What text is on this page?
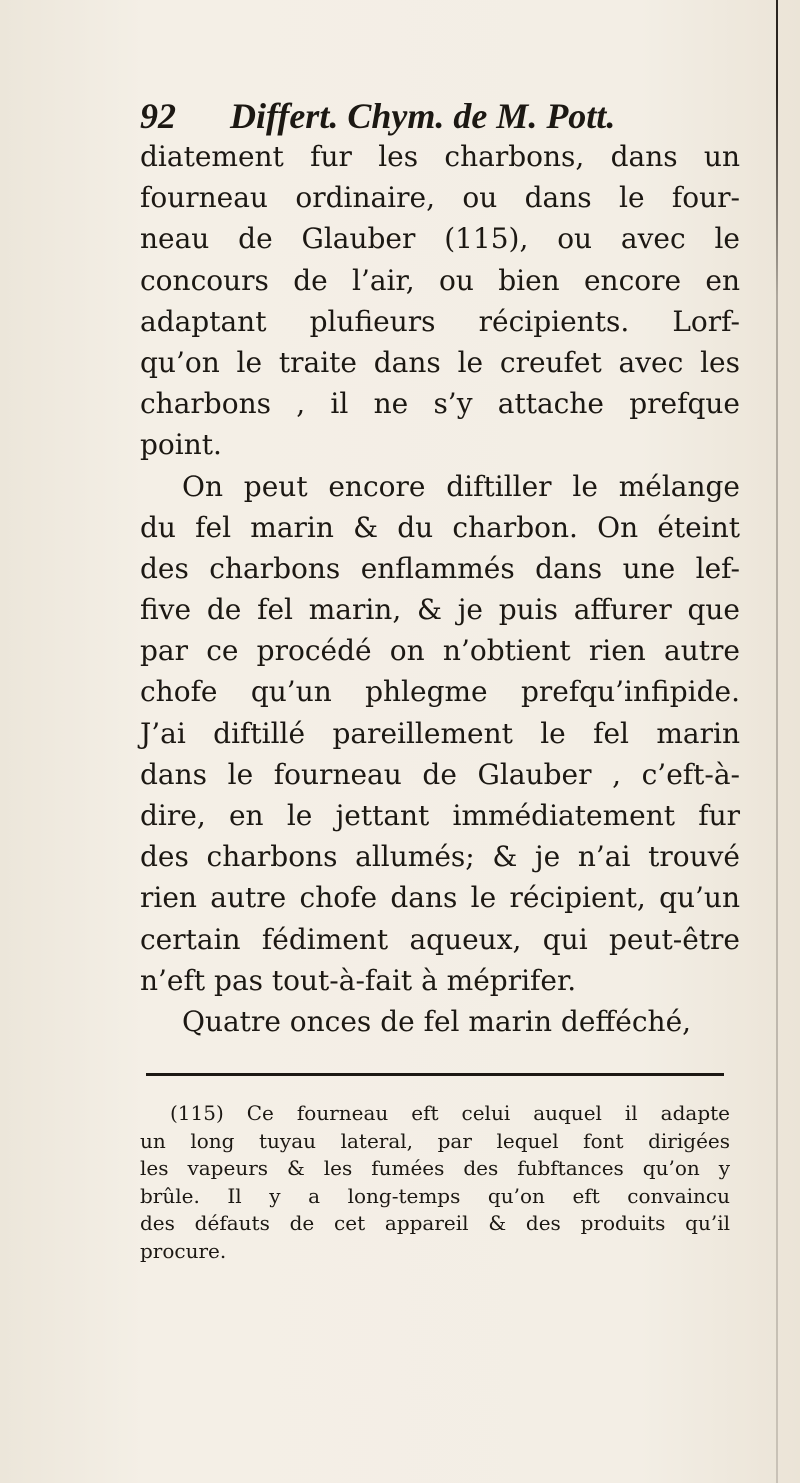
92 Differt. Chym. de M. Pott.
diatement fur les charbons, dans un
fourneau ordinaire, ou dans le four-
neau de Glauber (115), ou avec le
concours de l’air, ou bien encore en
adaptant plufieurs récipients. Lorf-
qu’on le traite dans le creufet avec les
charbons , il ne s’y attache prefque
point.
On peut encore diftiller le mélange
du fel marin & du charbon. On éteint
des charbons enflammés dans une lef-
five de fel marin, & je puis affurer que
par ce procédé on n’obtient rien autre
chofe qu’un phlegme prefqu’infipide.
J’ai diftillé pareillement le fel marin
dans le fourneau de Glauber , c’eft-à-
dire, en le jettant immédiatement fur
des charbons allumés; & je n’ai trouvé
rien autre chofe dans le récipient, qu’un
certain fédiment aqueux, qui peut-être
n’eft pas tout-à-fait à méprifer.
Quatre onces de fel marin defféché,
(115) Ce fourneau eft celui auquel il adapte
un long tuyau lateral, par lequel font dirigées
les vapeurs & les fumées des fubftances qu’on y
brûle. Il y a long-temps qu’on eft convaincu
des défauts de cet appareil & des produits qu’il
procure.
